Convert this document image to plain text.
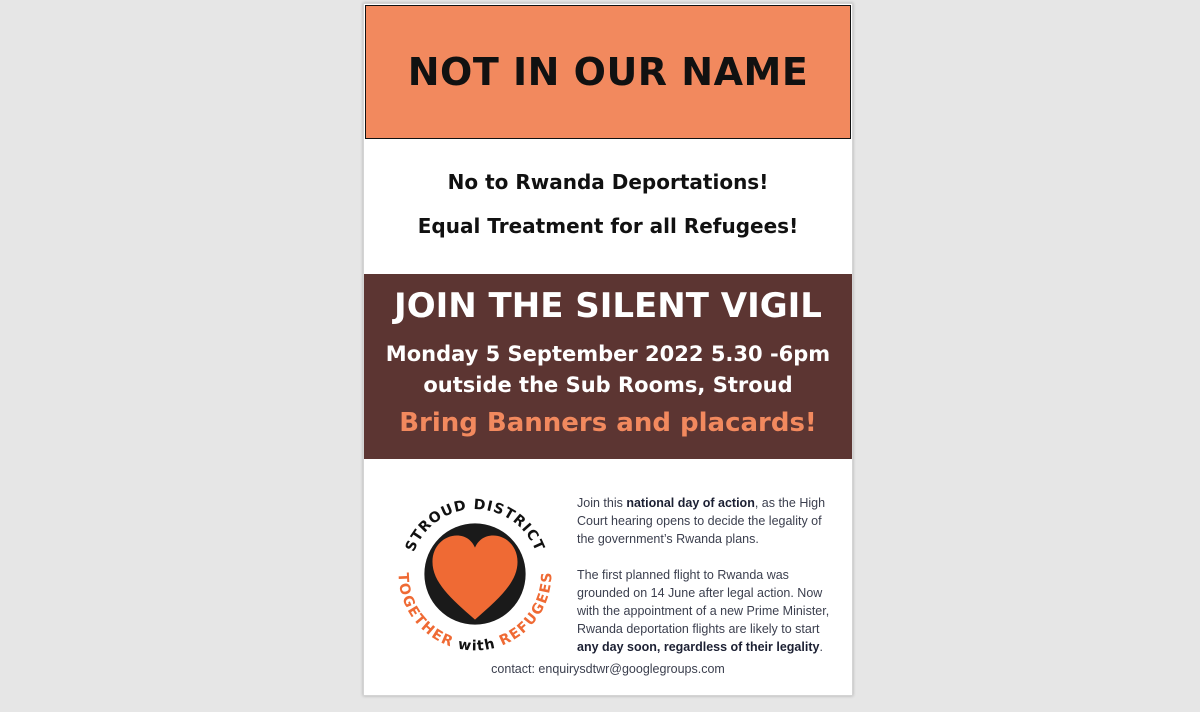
NOT IN OUR NAME
No to Rwanda Deportations!
Equal Treatment for all Refugees!
JOIN THE SILENT VIGIL
Monday 5 September 2022 5.30 -6pm
outside the Sub Rooms, Stroud
Bring Banners and placards!
STROUD DISTRICT
TOGETHER with REFUGEES
Join this national day of action, as the High Court hearing opens to decide the legality of the government’s Rwanda plans.
The first planned flight to Rwanda was grounded on 14 June after legal action. Now with the appointment of a new Prime Minister, Rwanda deportation flights are likely to start any day soon, regardless of their legality.
contact: enquirysdtwr@googlegroups.com
